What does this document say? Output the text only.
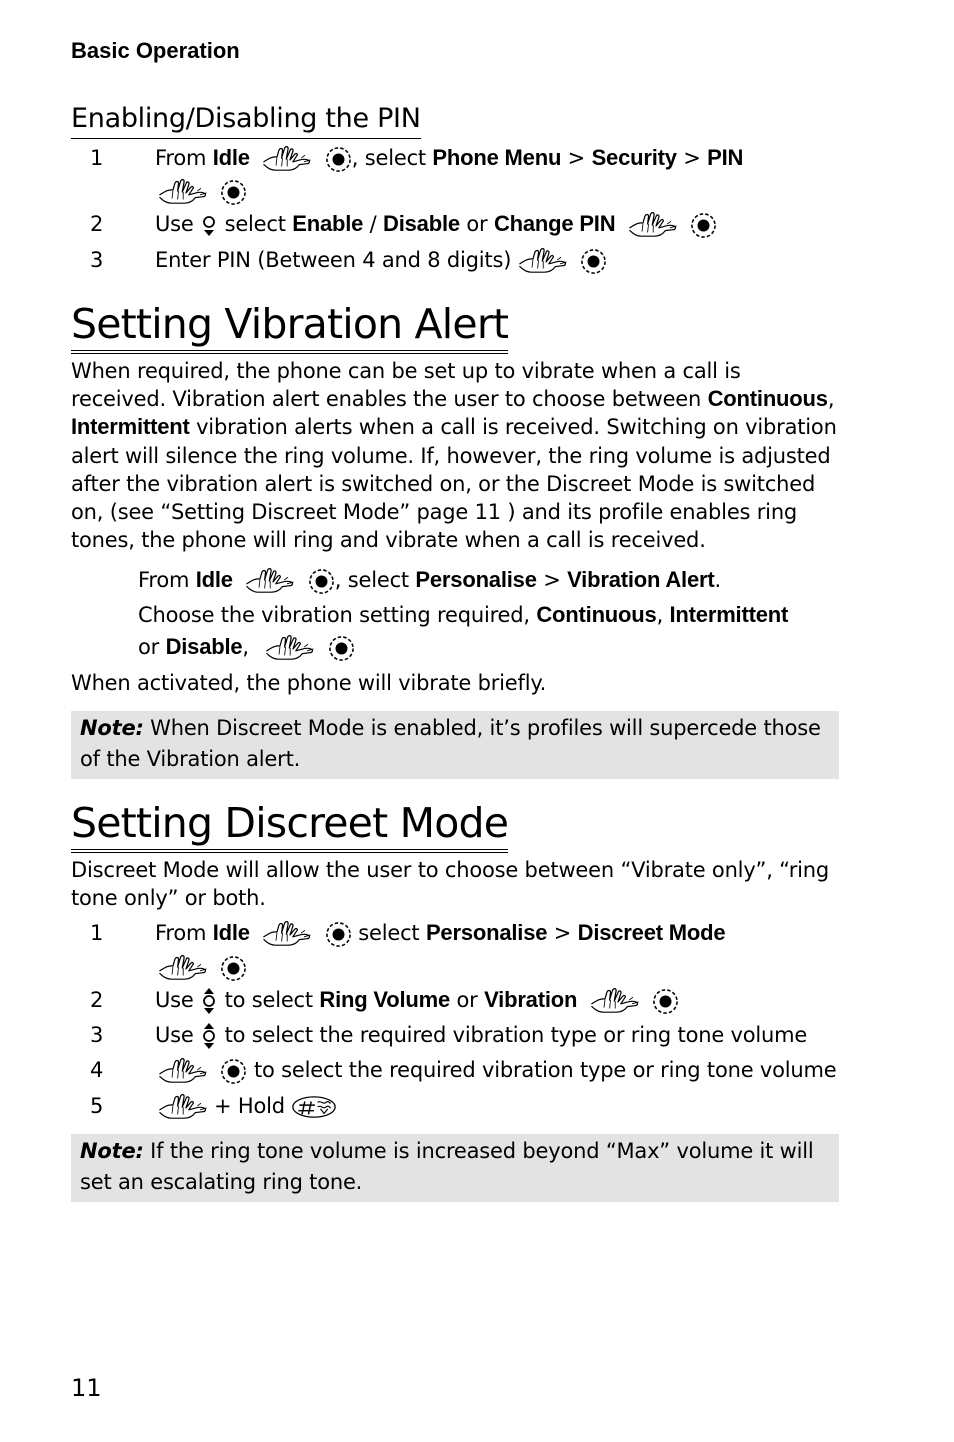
Basic Operation
Enabling/Disabling the PIN
1	From Idle
	, select Phone Menu > Security > PIN

2	Use
select Enable / Disable or Change PIN

3	Enter PIN (Between 4 and 8 digits)

Setting Vibration Alert
When required, the phone can be set up to vibrate when a call is received. Vibration alert enables the user to choose between Continuous, Intermittent vibration alerts when a call is received. Switching on vibration alert will silence the ring volume. If, however, the ring volume is adjusted after the vibration alert is switched on, or the Discreet Mode is switched on, (see “Setting Discreet Mode” page 11 ) and its profile enables ring tones, the phone will ring and vibrate when a call is received.
From Idle
	, select Personalise > Vibration Alert.
Choose the vibration setting required, Continuous, Intermittent
or Disable,

When activated, the phone will vibrate briefly.
Note: When Discreet Mode is enabled, it’s profiles will supercede those of the Vibration alert.
Setting Discreet Mode
Discreet Mode will allow the user to choose between “Vibrate only”, “ring tone only” or both.
1	From Idle
	select Personalise > Discreet Mode

2	Use
to select Ring Volume or Vibration

3	Use
to select the required vibration type or ring tone volume
4
	to select the required vibration type or ring tone volume
5	+ Hold
Note: If the ring tone volume is increased beyond “Max” volume it will set an escalating ring tone.
11
